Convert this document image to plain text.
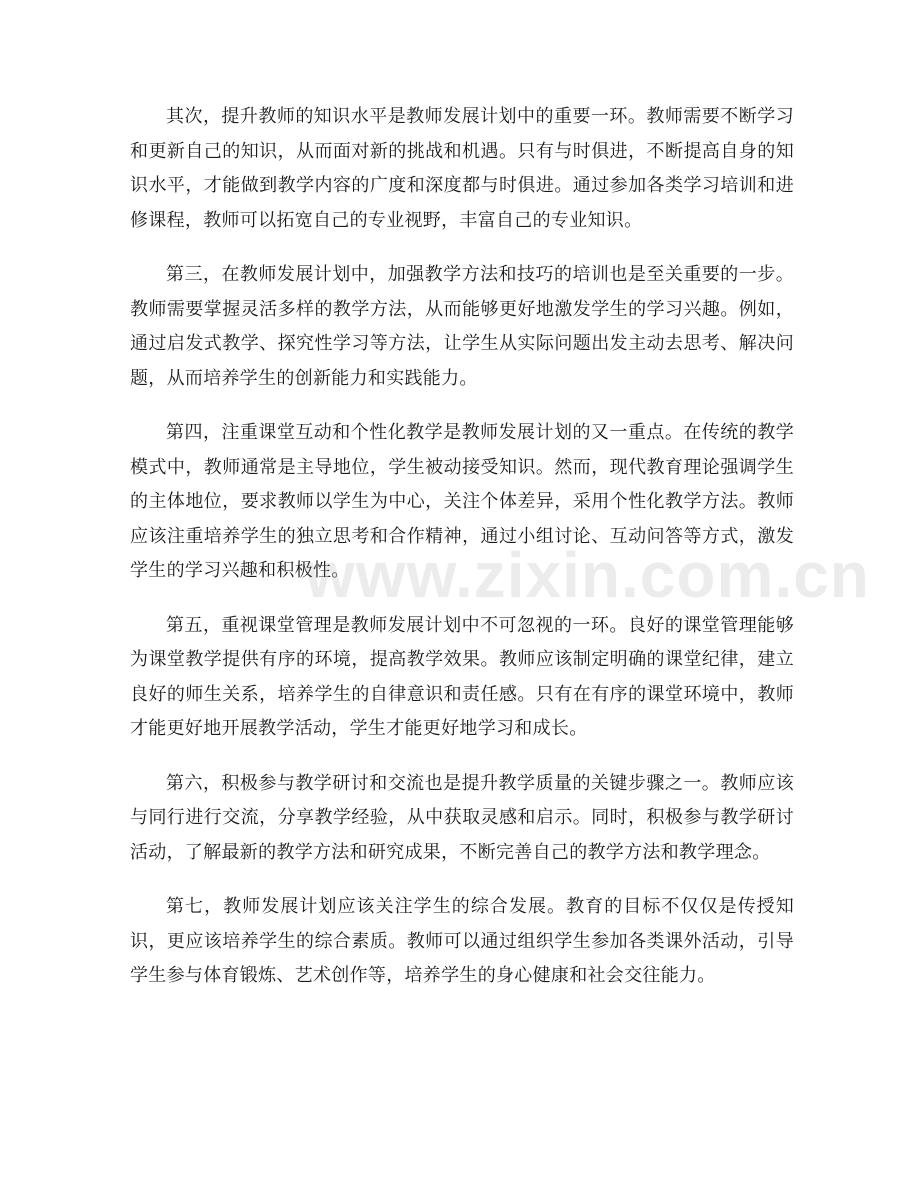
其次，提升教师的知识水平是教师发展计划中的重要一环。教师需要不断学习和更新自己的知识，从而面对新的挑战和机遇。只有与时俱进，不断提高自身的知识水平，才能做到教学内容的广度和深度都与时俱进。通过参加各类学习培训和进修课程，教师可以拓宽自己的专业视野，丰富自己的专业知识。

第三，在教师发展计划中，加强教学方法和技巧的培训也是至关重要的一步。教师需要掌握灵活多样的教学方法，从而能够更好地激发学生的学习兴趣。例如，通过启发式教学、探究性学习等方法，让学生从实际问题出发主动去思考、解决问题，从而培养学生的创新能力和实践能力。

第四，注重课堂互动和个性化教学是教师发展计划的又一重点。在传统的教学模式中，教师通常是主导地位，学生被动接受知识。然而，现代教育理论强调学生的主体地位，要求教师以学生为中心，关注个体差异，采用个性化教学方法。教师应该注重培养学生的独立思考和合作精神，通过小组讨论、互动问答等方式，激发学生的学习兴趣和积极性。

第五，重视课堂管理是教师发展计划中不可忽视的一环。良好的课堂管理能够为课堂教学提供有序的环境，提高教学效果。教师应该制定明确的课堂纪律，建立良好的师生关系，培养学生的自律意识和责任感。只有在有序的课堂环境中，教师才能更好地开展教学活动，学生才能更好地学习和成长。

第六，积极参与教学研讨和交流也是提升教学质量的关键步骤之一。教师应该与同行进行交流，分享教学经验，从中获取灵感和启示。同时，积极参与教学研讨活动，了解最新的教学方法和研究成果，不断完善自己的教学方法和教学理念。

第七，教师发展计划应该关注学生的综合发展。教育的目标不仅仅是传授知识，更应该培养学生的综合素质。教师可以通过组织学生参加各类课外活动，引导学生参与体育锻炼、艺术创作等，培养学生的身心健康和社会交往能力。

www.zixin.com.cn
